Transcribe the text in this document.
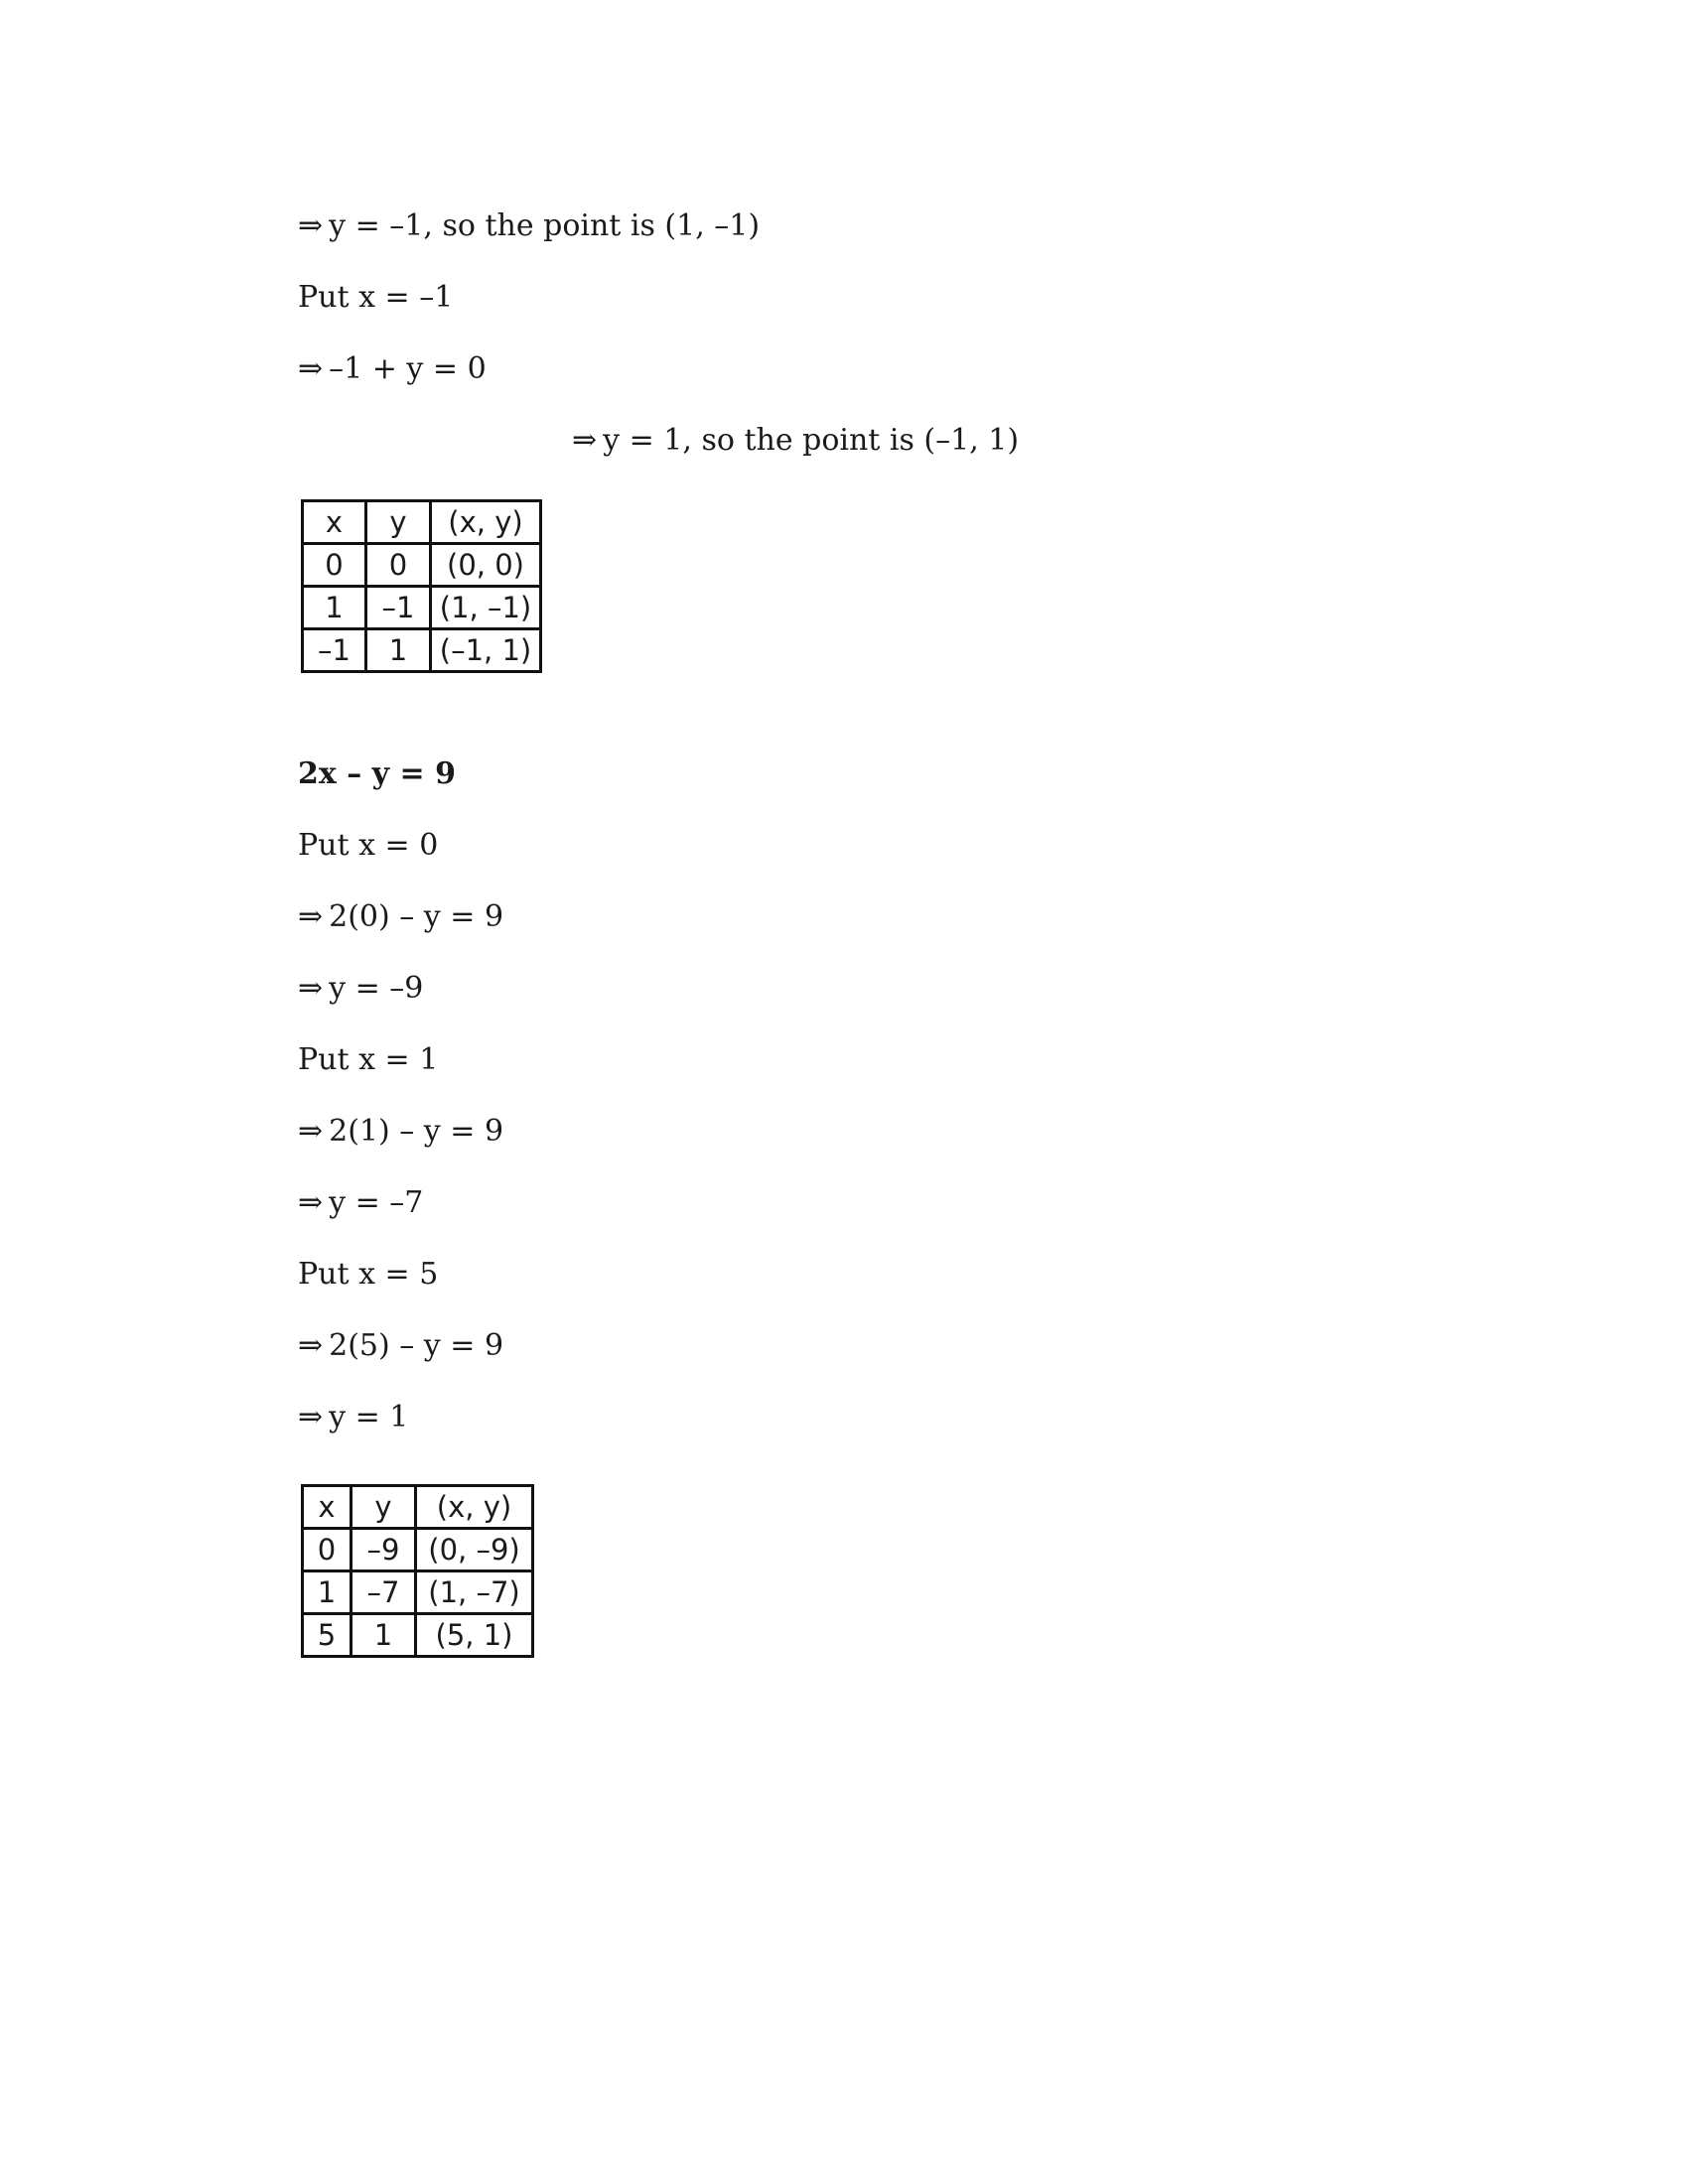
⇒ y = –1, so the point is (1, –1)
Put x = –1
⇒ –1 + y = 0
⇒ y = 1, so the point is (–1, 1)
x	y	(x, y)
0	0	(0, 0)
1	–1	(1, –1)
–1	1	(–1, 1)
2x – y = 9
Put x = 0
⇒ 2(0) – y = 9
⇒ y = –9
Put x = 1
⇒ 2(1) – y = 9
⇒ y = –7
Put x = 5
⇒ 2(5) – y = 9
⇒ y = 1
x	y	(x, y)
0	–9	(0, –9)
1	–7	(1, –7)
5	1	(5, 1)
